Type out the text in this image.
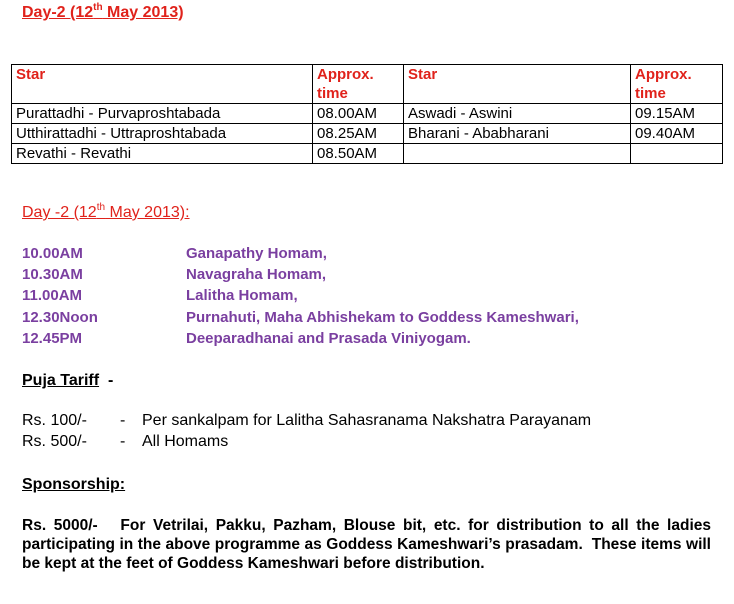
Day-2 (12th May 2013)
Star	Approx. time	Star	Approx. time
Purattadhi - Purvaproshtabada	08.00AM	Aswadi - Aswini	09.15AM
Utthirattadhi - Uttraproshtabada	08.25AM	Bharani - Ababharani	09.40AM
Revathi - Revathi	08.50AM		
Day -2 (12th May 2013):
10.00AM	Ganapathy Homam,
10.30AM	Navagraha Homam,
11.00AM	Lalitha Homam,
12.30Noon	Purnahuti, Maha Abhishekam to Goddess Kameshwari,
12.45PM	Deeparadhanai and Prasada Viniyogam.
Puja Tariff  -
Rs. 100/- - Per sankalpam for Lalitha Sahasranama Nakshatra Parayanam
Rs. 500/- - All Homams
Sponsorship:
Rs. 5000/-   For Vetrilai, Pakku, Pazham, Blouse bit, etc. for distribution to all the ladies participating in the above programme as Goddess Kameshwari’s prasadam.  These items will be kept at the feet of Goddess Kameshwari before distribution.
